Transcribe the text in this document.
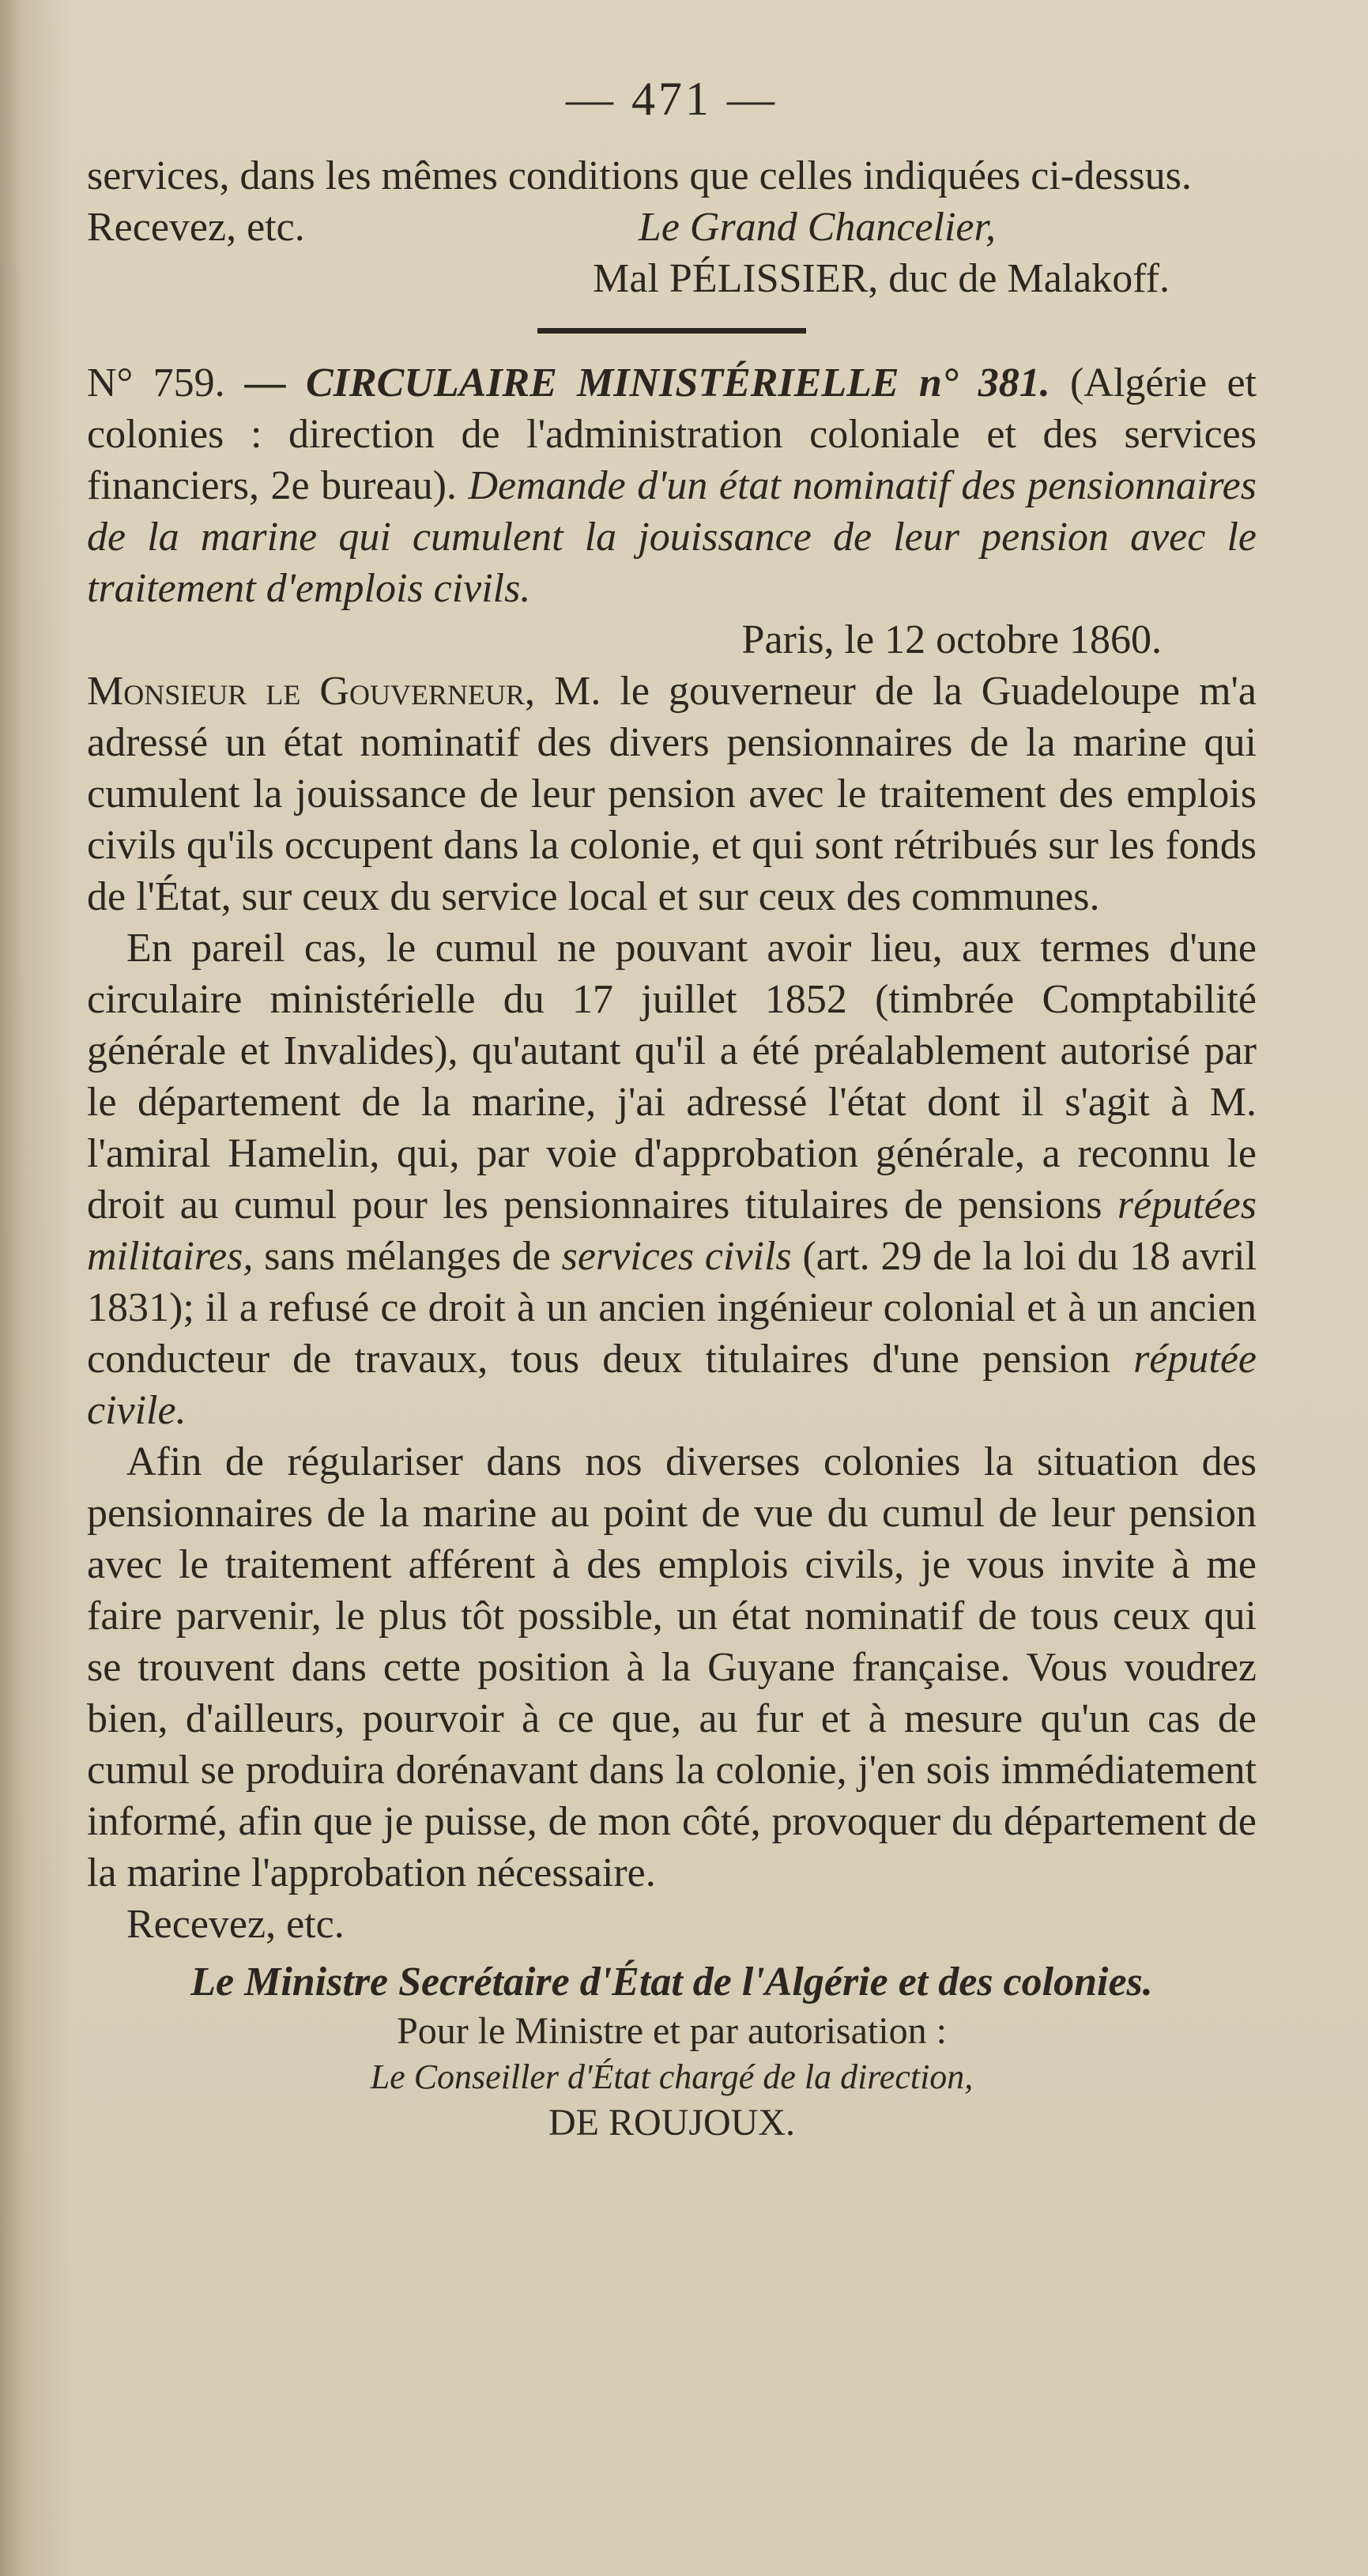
— 471 —

services, dans les mêmes conditions que celles indiquées ci-dessus.

Recevez, etc.	Le Grand Chancelier,

Mal PÉLISSIER, duc de Malakoff.

N° 759. — CIRCULAIRE MINISTÉRIELLE n° 381. (Algérie et colonies : direction de l'administration coloniale et des services financiers, 2e bureau). Demande d'un état nominatif des pensionnaires de la marine qui cumulent la jouissance de leur pension avec le traitement d'emplois civils.

Paris, le 12 octobre 1860.

Monsieur le Gouverneur, M. le gouverneur de la Guadeloupe m'a adressé un état nominatif des divers pensionnaires de la marine qui cumulent la jouissance de leur pension avec le traitement des emplois civils qu'ils occupent dans la colonie, et qui sont rétribués sur les fonds de l'État, sur ceux du service local et sur ceux des communes.

En pareil cas, le cumul ne pouvant avoir lieu, aux termes d'une circulaire ministérielle du 17 juillet 1852 (timbrée Comptabilité générale et Invalides), qu'autant qu'il a été préalablement autorisé par le département de la marine, j'ai adressé l'état dont il s'agit à M. l'amiral Hamelin, qui, par voie d'approbation générale, a reconnu le droit au cumul pour les pensionnaires titulaires de pensions réputées militaires, sans mélanges de services civils (art. 29 de la loi du 18 avril 1831); il a refusé ce droit à un ancien ingénieur colonial et à un ancien conducteur de travaux, tous deux titulaires d'une pension réputée civile.

Afin de régulariser dans nos diverses colonies la situation des pensionnaires de la marine au point de vue du cumul de leur pension avec le traitement afférent à des emplois civils, je vous invite à me faire parvenir, le plus tôt possible, un état nominatif de tous ceux qui se trouvent dans cette position à la Guyane française. Vous voudrez bien, d'ailleurs, pourvoir à ce que, au fur et à mesure qu'un cas de cumul se produira dorénavant dans la colonie, j'en sois immédiatement informé, afin que je puisse, de mon côté, provoquer du département de la marine l'approbation nécessaire.

Recevez, etc.

Le Ministre Secrétaire d'État de l'Algérie et des colonies.

Pour le Ministre et par autorisation :

Le Conseiller d'État chargé de la direction,

DE ROUJOUX.
